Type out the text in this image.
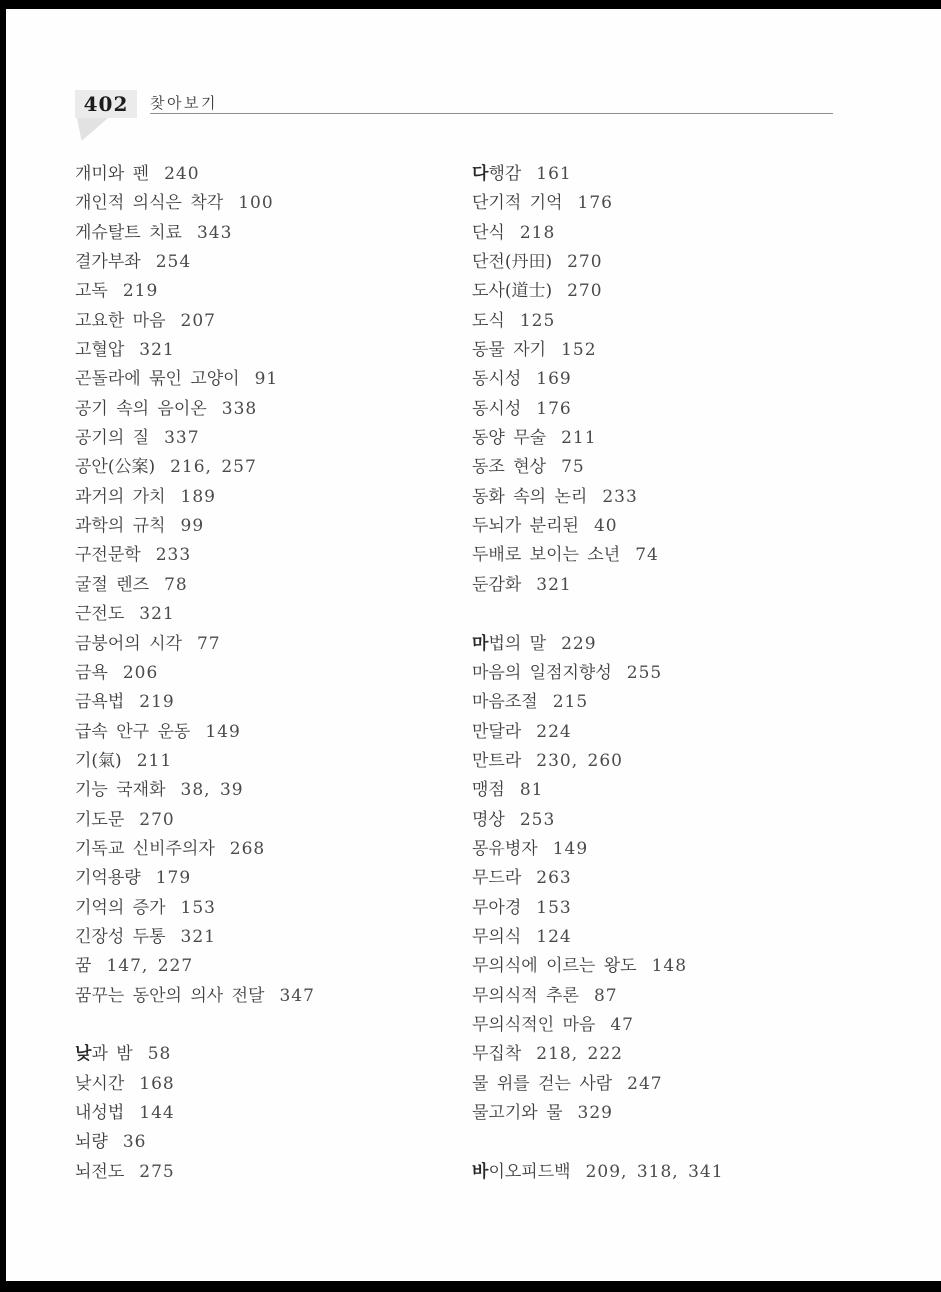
402	찾아보기
개미와 펜 240
개인적 의식은 착각 100
게슈탈트 치료 343
결가부좌 254
고독 219
고요한 마음 207
고혈압 321
곤돌라에 묶인 고양이 91
공기 속의 음이온 338
공기의 질 337
공안(公案) 216, 257
과거의 가치 189
과학의 규칙 99
구전문학 233
굴절 렌즈 78
근전도 321
금붕어의 시각 77
금욕 206
금욕법 219
급속 안구 운동 149
기(氣) 211
기능 국재화 38, 39
기도문 270
기독교 신비주의자 268
기억용량 179
기억의 증가 153
긴장성 두통 321
꿈 147, 227
꿈꾸는 동안의 의사 전달 347
낮과 밤 58
낮시간 168
내성법 144
뇌량 36
뇌전도 275
다행감 161
단기적 기억 176
단식 218
단전(丹田) 270
도사(道士) 270
도식 125
동물 자기 152
동시성 169
동시성 176
동양 무술 211
동조 현상 75
동화 속의 논리 233
두뇌가 분리된 40
두배로 보이는 소년 74
둔감화 321
마법의 말 229
마음의 일점지향성 255
마음조절 215
만달라 224
만트라 230, 260
맹점 81
명상 253
몽유병자 149
무드라 263
무아경 153
무의식 124
무의식에 이르는 왕도 148
무의식적 추론 87
무의식적인 마음 47
무집착 218, 222
물 위를 걷는 사람 247
물고기와 물 329
바이오피드백 209, 318, 341
